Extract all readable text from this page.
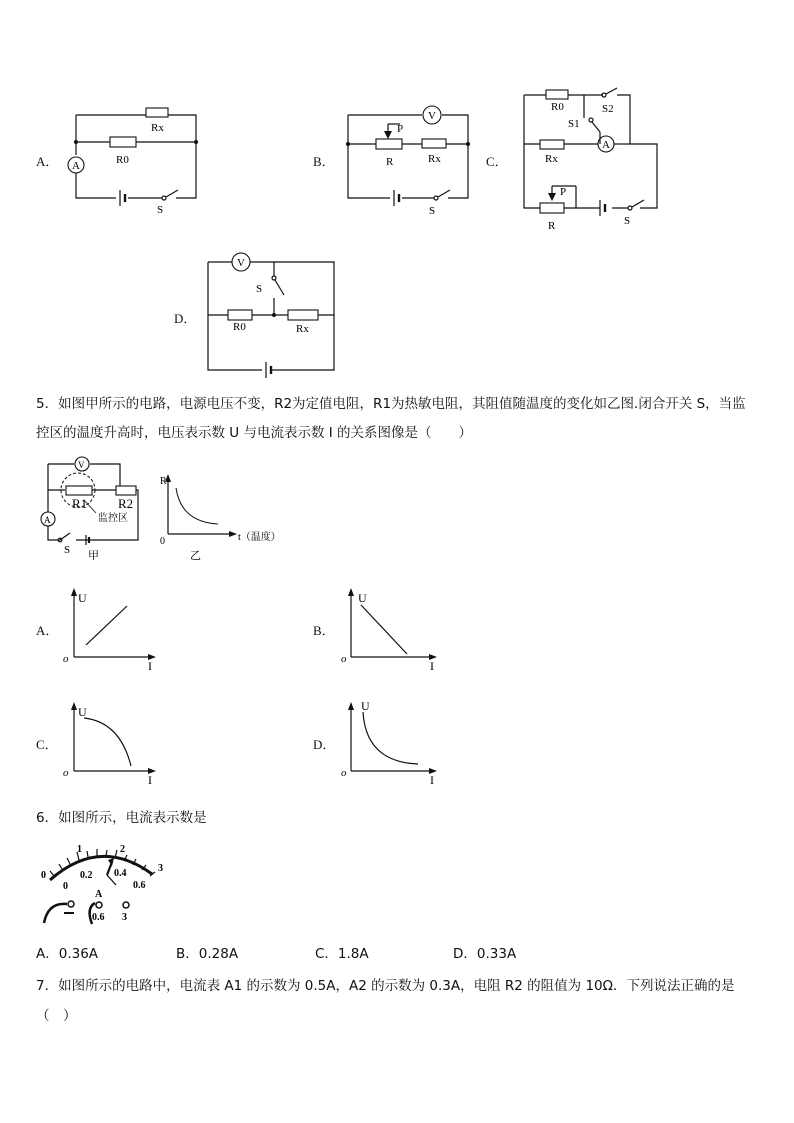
A．
Rx
R0
A
S
B．
V
P
R	Rx
S
C．
R0	S2
S1
Rx
A
P
R	S
D．
V
S
R0	Rx
5．如图甲所示的电路，电源电压不变，R2为定值电阻，R1为热敏电阻，其阻值随温度的变化如乙图.闭合开关 S，当监
控区的温度升高时，电压表示数 U 与电流表示数 I 的关系图像是（　　）
V
R1 R2
监控区
A
S 甲
R
0	t（温度）
乙
A．	B．
C．	D．
U
I
o
U
I
o
U
I
o
U
I
o
6．如图所示，电流表示数是
0
1	2
3
0
0.2 0.4
0.6
A
0.6 3
A．0.36A	B．0.28A	C．1.8A	D．0.33A
7．如图所示的电路中，电流表 A1 的示数为 0.5A，A2 的示数为 0.3A，电阻 R2 的阻值为 10Ω．下列说法正确的是
（　）
